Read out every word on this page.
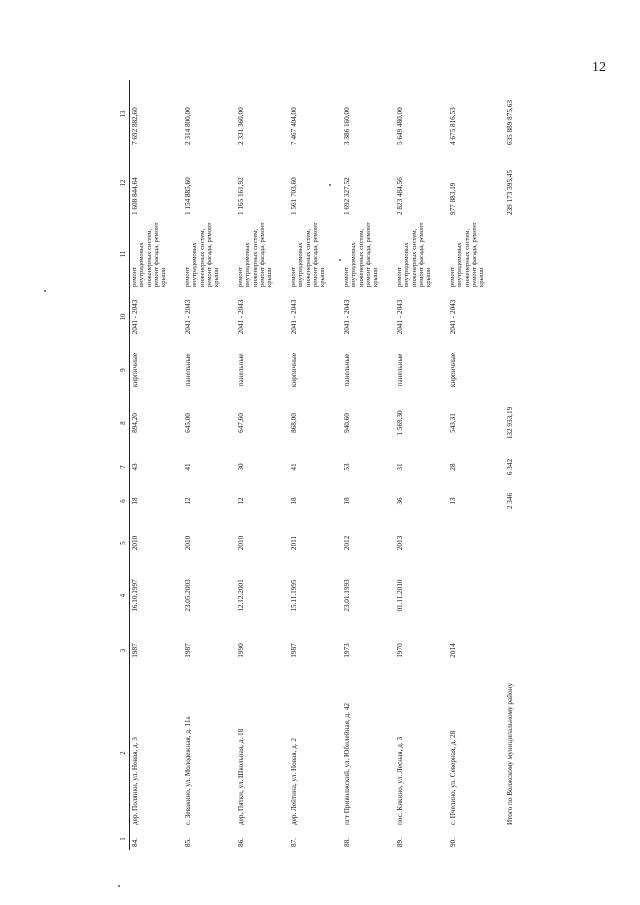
12
1	2	3	4	5	6	7	8	9	10	11	12	13
84.	дер. Полянки, ул. Новая, д. 3	1987	16.10.1997	2010	18	43	894,20	кирпичные	2041 - 2043	ремонт внутридомовых инженерных систем, ремонт фасада, ремонт крыши	1 608 844,64	7 692 882,60
85.	с. Зевакино, ул. Молодежная, д. 11а	1987	23.05.2003	2010	12	41	645,00	панельные	2041 - 2043	ремонт внутридомовых инженерных систем, ремонт фасада, ремонт крыши	1 154 885,60	2 314 800,00
86.	дер. Пятки, ул. Школьная, д. 18	1990	12.12.2001	2010	12	30	647,60	панельные	2041 - 2043	ремонт внутридомовых инженерных систем, ремонт фасада, ремонт крыши	1 165 161,92	2 331 360,00
87.	дер. Лейтина, ул. Новая, д. 2	1987	15.11.1995	2011	18	41	868,00	кирпичные	2041 - 2043	ремонт внутридомовых инженерных систем, ремонт фасада, ремонт крыши	1 561 703,60	7 467 404,00
88.	пгт Приволжский, ул. Юбилейная, д. 42	1973	23.01.1993	2012	18	53	940,60	панельные	2041 - 2043	ремонт внутридомовых инженерных систем, ремонт фасада, ремонт крыши	1 692 327,52	3 386 160,00
89.	пос. Кикино, ул. Лесная, д. 3	1970	01.11.2010	2013	36	31	1 569,30	панельные	2041 - 2043	ремонт внутридомовых инженерных систем, ремонт фасада, ремонт крыши	2 823 484,56	5 649 480,00
90.	с. Пчелино, ул. Северная, д. 28	2014			13	28	543,31	кирпичные	2041 - 2043	ремонт внутридомовых инженерных систем, ремонт фасада, ремонт крыши	977 883,19	4 675 816,53
	Итого по Волжскому муниципальному району				2 346	6 342	132 933,19				239 173 395,45	635 889 875,63
